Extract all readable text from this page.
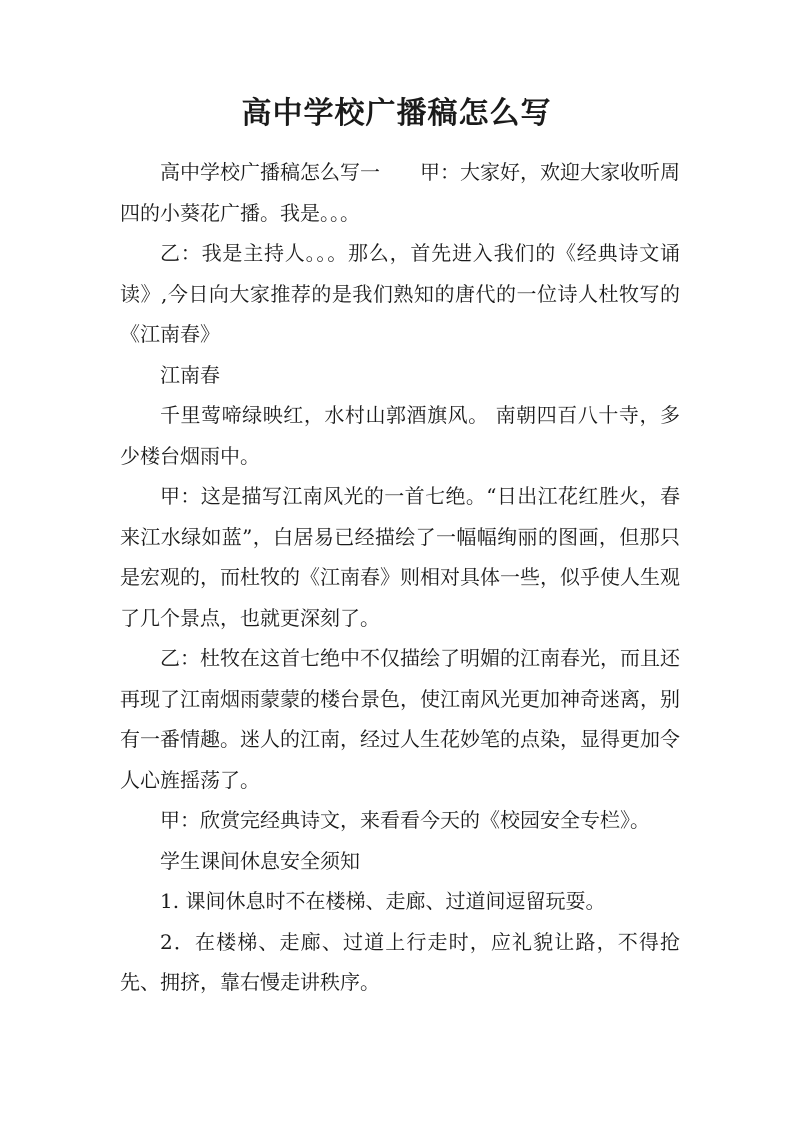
高中学校广播稿怎么写

高中学校广播稿怎么写一　　甲：大家好，欢迎大家收听周四的小葵花广播。我是。。。

乙：我是主持人。。。那么，首先进入我们的《经典诗文诵读》,今日向大家推荐的是我们熟知的唐代的一位诗人杜牧写的《江南春》

江南春

千里莺啼绿映红，水村山郭酒旗风。 南朝四百八十寺，多少楼台烟雨中。

甲：这是描写江南风光的一首七绝。“日出江花红胜火，春来江水绿如蓝”，白居易已经描绘了一幅幅绚丽的图画，但那只是宏观的，而杜牧的《江南春》则相对具体一些，似乎使人生观了几个景点，也就更深刻了。

乙：杜牧在这首七绝中不仅描绘了明媚的江南春光，而且还再现了江南烟雨蒙蒙的楼台景色，使江南风光更加神奇迷离，别有一番情趣。迷人的江南，经过人生花妙笔的点染，显得更加令人心旌摇荡了。

甲：欣赏完经典诗文，来看看今天的《校园安全专栏》。

学生课间休息安全须知

1. 课间休息时不在楼梯、走廊、过道间逗留玩耍。

2．在楼梯、走廊、过道上行走时，应礼貌让路，不得抢先、拥挤，靠右慢走讲秩序。
